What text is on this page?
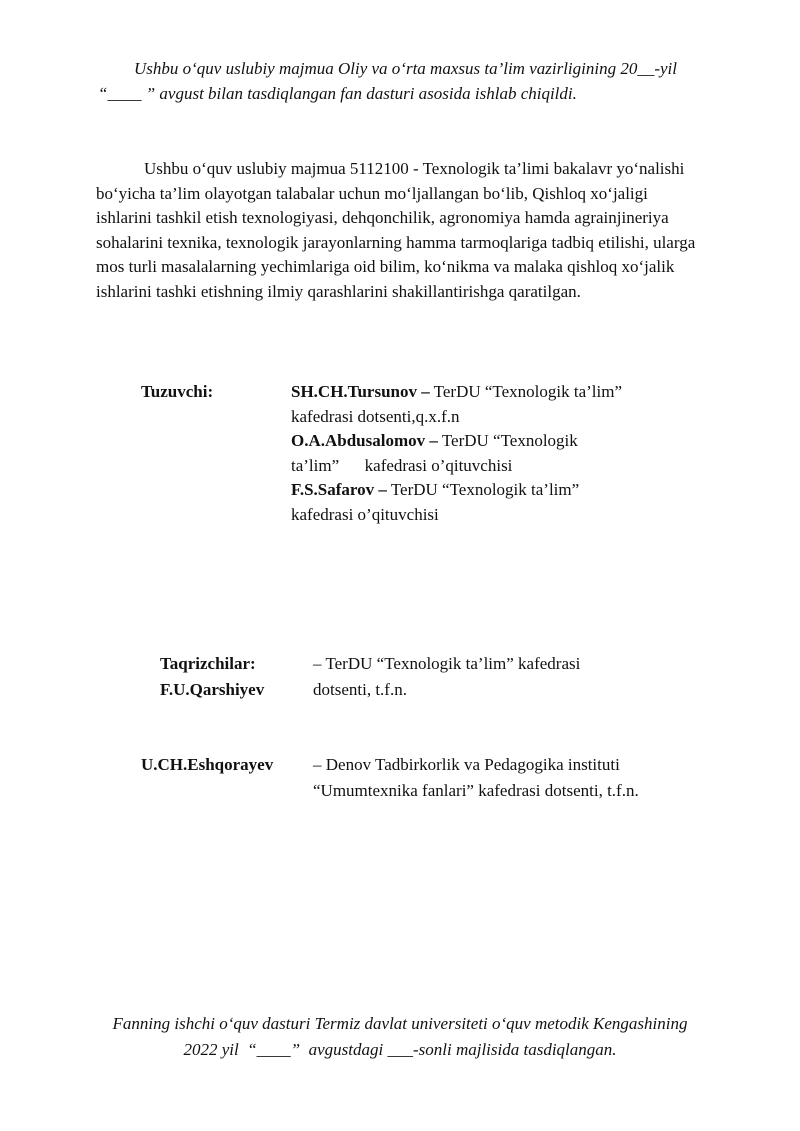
Ushbu o‘quv uslubiy majmua Oliy va o‘rta maxsus ta’lim vazirligining 20__-yil
“____ ” avgust bilan tasdiqlangan fan dasturi asosida ishlab chiqildi.
Ushbu o‘quv uslubiy majmua 5112100 - Texnologik ta’limi bakalavr yo‘nalishi
bo‘yicha ta’lim olayotgan talabalar uchun mo‘ljallangan bo‘lib, Qishloq xo‘jaligi
ishlarini tashkil etish texnologiyasi, dehqonchilik, agronomiya hamda agrainjineriya
sohalarini texnika, texnologik jarayonlarning hamma tarmoqlariga tadbiq etilishi, ularga
mos turli masalalarning yechimlariga oid bilim, ko‘nikma va malaka qishloq xo‘jalik
ishlarini tashki etishning ilmiy qarashlarini shakillantirishga qaratilgan.
Tuzuvchi:	SH.CH.Tursunov – TerDU “Texnologik ta’lim”
kafedrasi dotsenti,q.x.f.n
O.A.Abdusalomov – TerDU “Texnologik
ta’lim”      kafedrasi o’qituvchisi
F.S.Safarov – TerDU “Texnologik ta’lim”
kafedrasi o’qituvchisi
Taqrizchilar:
F.U.Qarshiyev
– TerDU “Texnologik ta’lim” kafedrasi
dotsenti, t.f.n.
U.CH.Eshqorayev – Denov Tadbirkorlik va Pedagogika instituti
“Umumtexnika fanlari” kafedrasi dotsenti, t.f.n.
Fanning ishchi o‘quv dasturi Termiz davlat universiteti o‘quv metodik Kengashining
2022 yil  “____”  avgustdagi ___-sonli majlisida tasdiqlangan.
